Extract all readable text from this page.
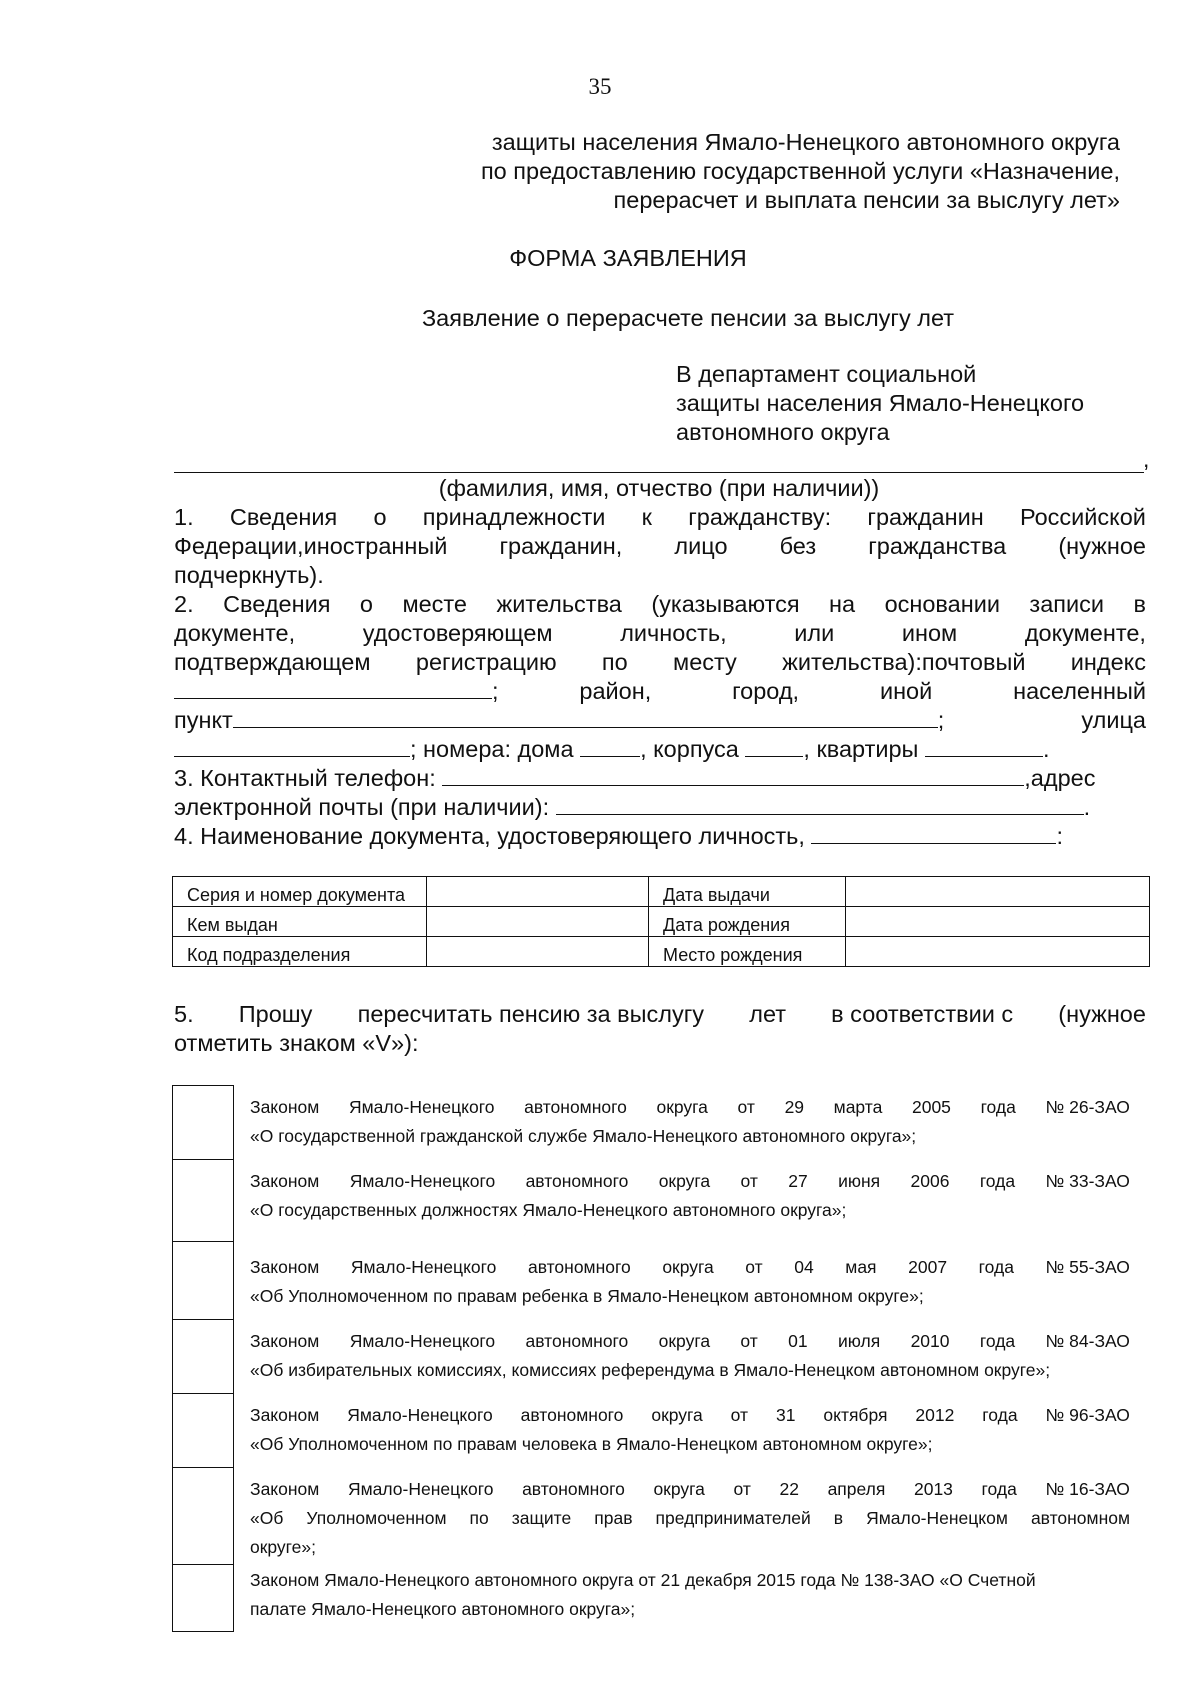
35
защиты населения Ямало-Ненецкого автономного округа
по предоставлению государственной услуги «Назначение,
перерасчет и выплата пенсии за выслугу лет»
ФОРМА ЗАЯВЛЕНИЯ
Заявление о перерасчете пенсии за выслугу лет
В департамент социальной
защиты населения Ямало-Ненецкого
автономного округа
,
(фамилия, имя, отчество (при наличии))
1. Сведения о принадлежности к гражданству: гражданин Российской
Федерации,иностранный гражданин, лицо без гражданства (нужное
подчеркнуть).
2. Сведения о месте жительства (указываются на основании записи в
документе,	удостоверяющем	личность,	или	ином	документе,
подтверждающем регистрацию по месту жительства):почтовый индекс
;	район,	город,	иной	населенный
пункт	;	улица
; номера: дома	, корпуса	, квартиры	.
3. Контактный телефон:	,адрес
электронной почты (при наличии):	.
4. Наименование документа, удостоверяющего личность,	:
Серия и номер документа		Дата выдачи	
Кем выдан		Дата рождения	
Код подразделения		Место рождения	
5. Прошу пересчитать пенсию за выслугу лет в соответствии с (нужное
отметить знаком «V»):
Законом Ямало-Ненецкого автономного округа от 29 марта 2005 года № 26-ЗАО
«О государственной гражданской службе Ямало-Ненецкого автономного округа»;
Законом Ямало-Ненецкого автономного округа от 27 июня 2006 года № 33-ЗАО
«О государственных должностях Ямало-Ненецкого автономного округа»;
Законом Ямало-Ненецкого автономного округа от 04 мая 2007 года № 55-ЗАО
«Об Уполномоченном по правам ребенка в Ямало-Ненецком автономном округе»;
Законом Ямало-Ненецкого автономного округа от 01 июля 2010 года № 84-ЗАО
«Об избирательных комиссиях, комиссиях референдума в Ямало-Ненецком автономном округе»;
Законом Ямало-Ненецкого автономного округа от 31 октября 2012 года № 96-ЗАО
«Об Уполномоченном по правам человека в Ямало-Ненецком автономном округе»;
Законом Ямало-Ненецкого автономного округа от 22 апреля 2013 года № 16-ЗАО
«Об Уполномоченном по защите прав предпринимателей в Ямало-Ненецком автономном
округе»;
Законом Ямало-Ненецкого автономного округа от 21 декабря 2015 года № 138-ЗАО «О Счетной
палате Ямало-Ненецкого автономного округа»;
